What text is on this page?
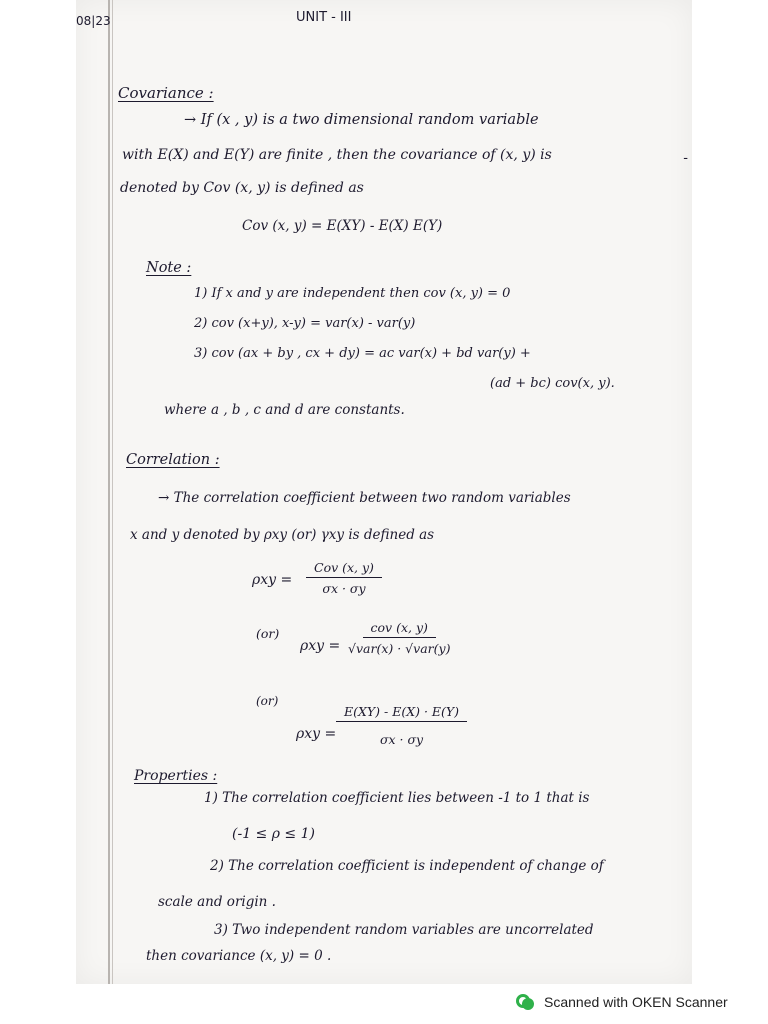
08|23	UNIT - III
-
Covariance :
→ If (x , y) is a two dimensional random variable
with E(X) and E(Y) are finite , then the covariance of (x, y) is
denoted by Cov (x, y) is defined as
Cov (x, y) = E(XY) - E(X) E(Y)
Note :
1) If x and y are independent then cov (x, y) = 0
2) cov (x+y), x-y) = var(x) - var(y)
3) cov (ax + by , cx + dy) = ac var(x) + bd var(y) +
(ad + bc) cov(x, y).
where a , b , c and d are constants.
Correlation :
→ The correlation coefficient between two random variables
x and y denoted by ρxy (or) γxy is defined as
ρxy =
Cov (x, y)
σx · σy
(or)
ρxy =
cov (x, y)
√var(x) · √var(y)
(or)
$\rho xy = \frac{E(XY) - E(X) \cdot E(Y)}{\sigma x \cdot \sigma y}$
Properties :
1) The correlation coefficient lies between -1 to 1 that is
(-1 ≤ ρ ≤ 1)
2) The correlation coefficient is independent of change of
scale and origin .
3) Two independent random variables are uncorrelated
then covariance (x, y) = 0 .
Scanned with OKEN Scanner
